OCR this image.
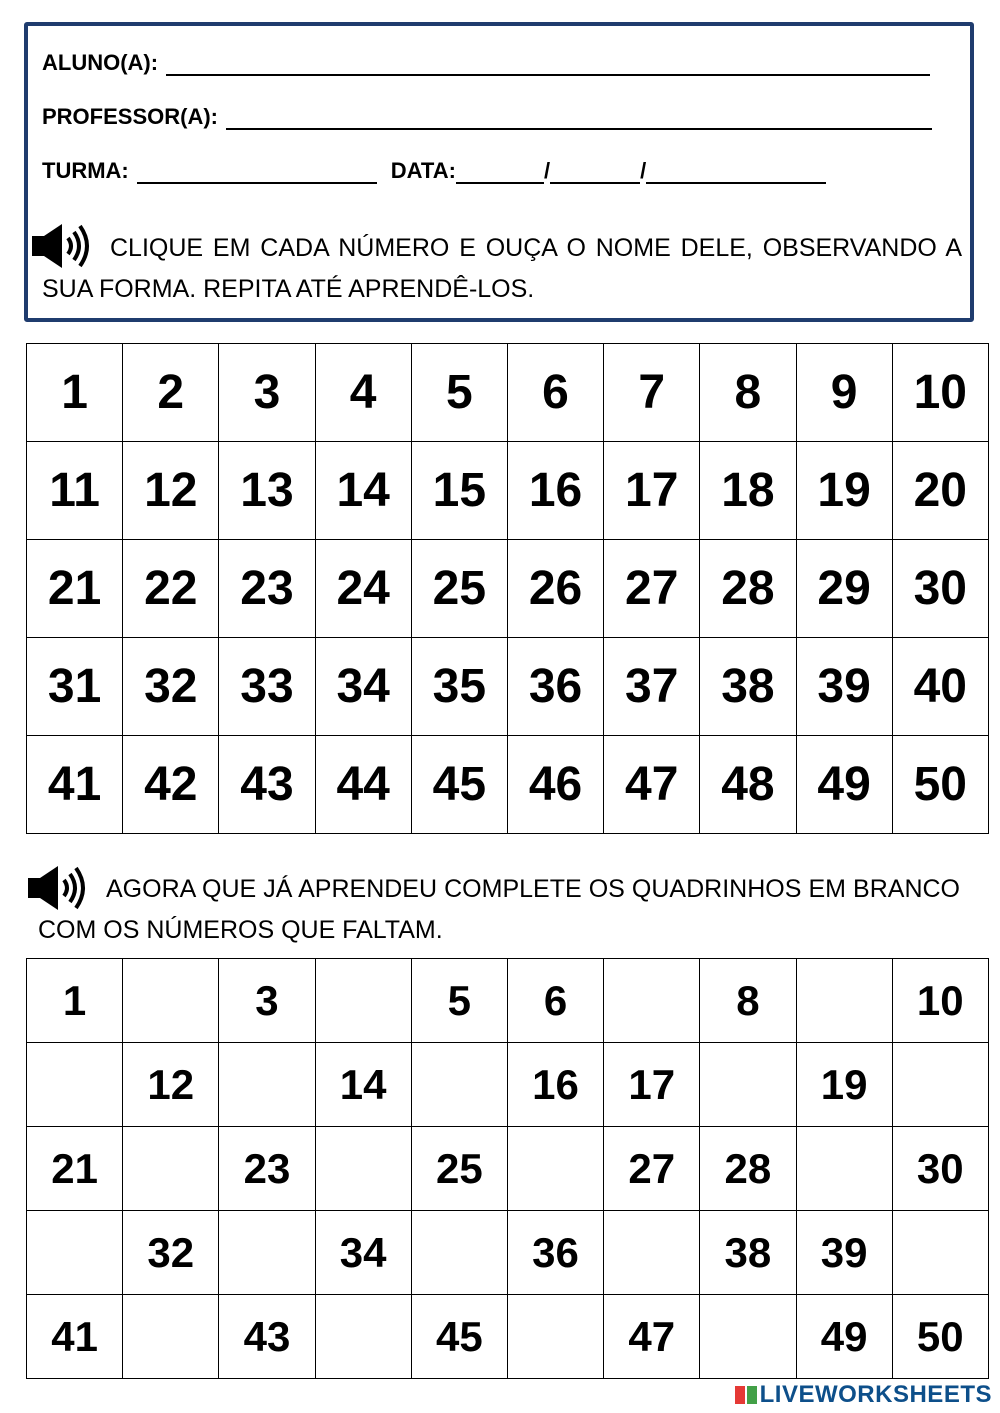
ALUNO(A):
PROFESSOR(A):
TURMA:	DATA:	/	/
CLIQUE EM CADA NÚMERO E OUÇA O NOME DELE, OBSERVANDO A SUA FORMA. REPITA ATÉ APRENDÊ-LOS.
1	2	3	4	5	6	7	8	9	10
11	12	13	14	15	16	17	18	19	20
21	22	23	24	25	26	27	28	29	30
31	32	33	34	35	36	37	38	39	40
41	42	43	44	45	46	47	48	49	50
AGORA QUE JÁ APRENDEU COMPLETE OS QUADRINHOS EM BRANCO COM OS NÚMEROS QUE FALTAM.
1		3		5	6		8		10
	12		14		16	17		19	
21		23		25		27	28		30
	32		34		36		38	39	
41		43		45		47		49	50
LIVEWORKSHEETS
